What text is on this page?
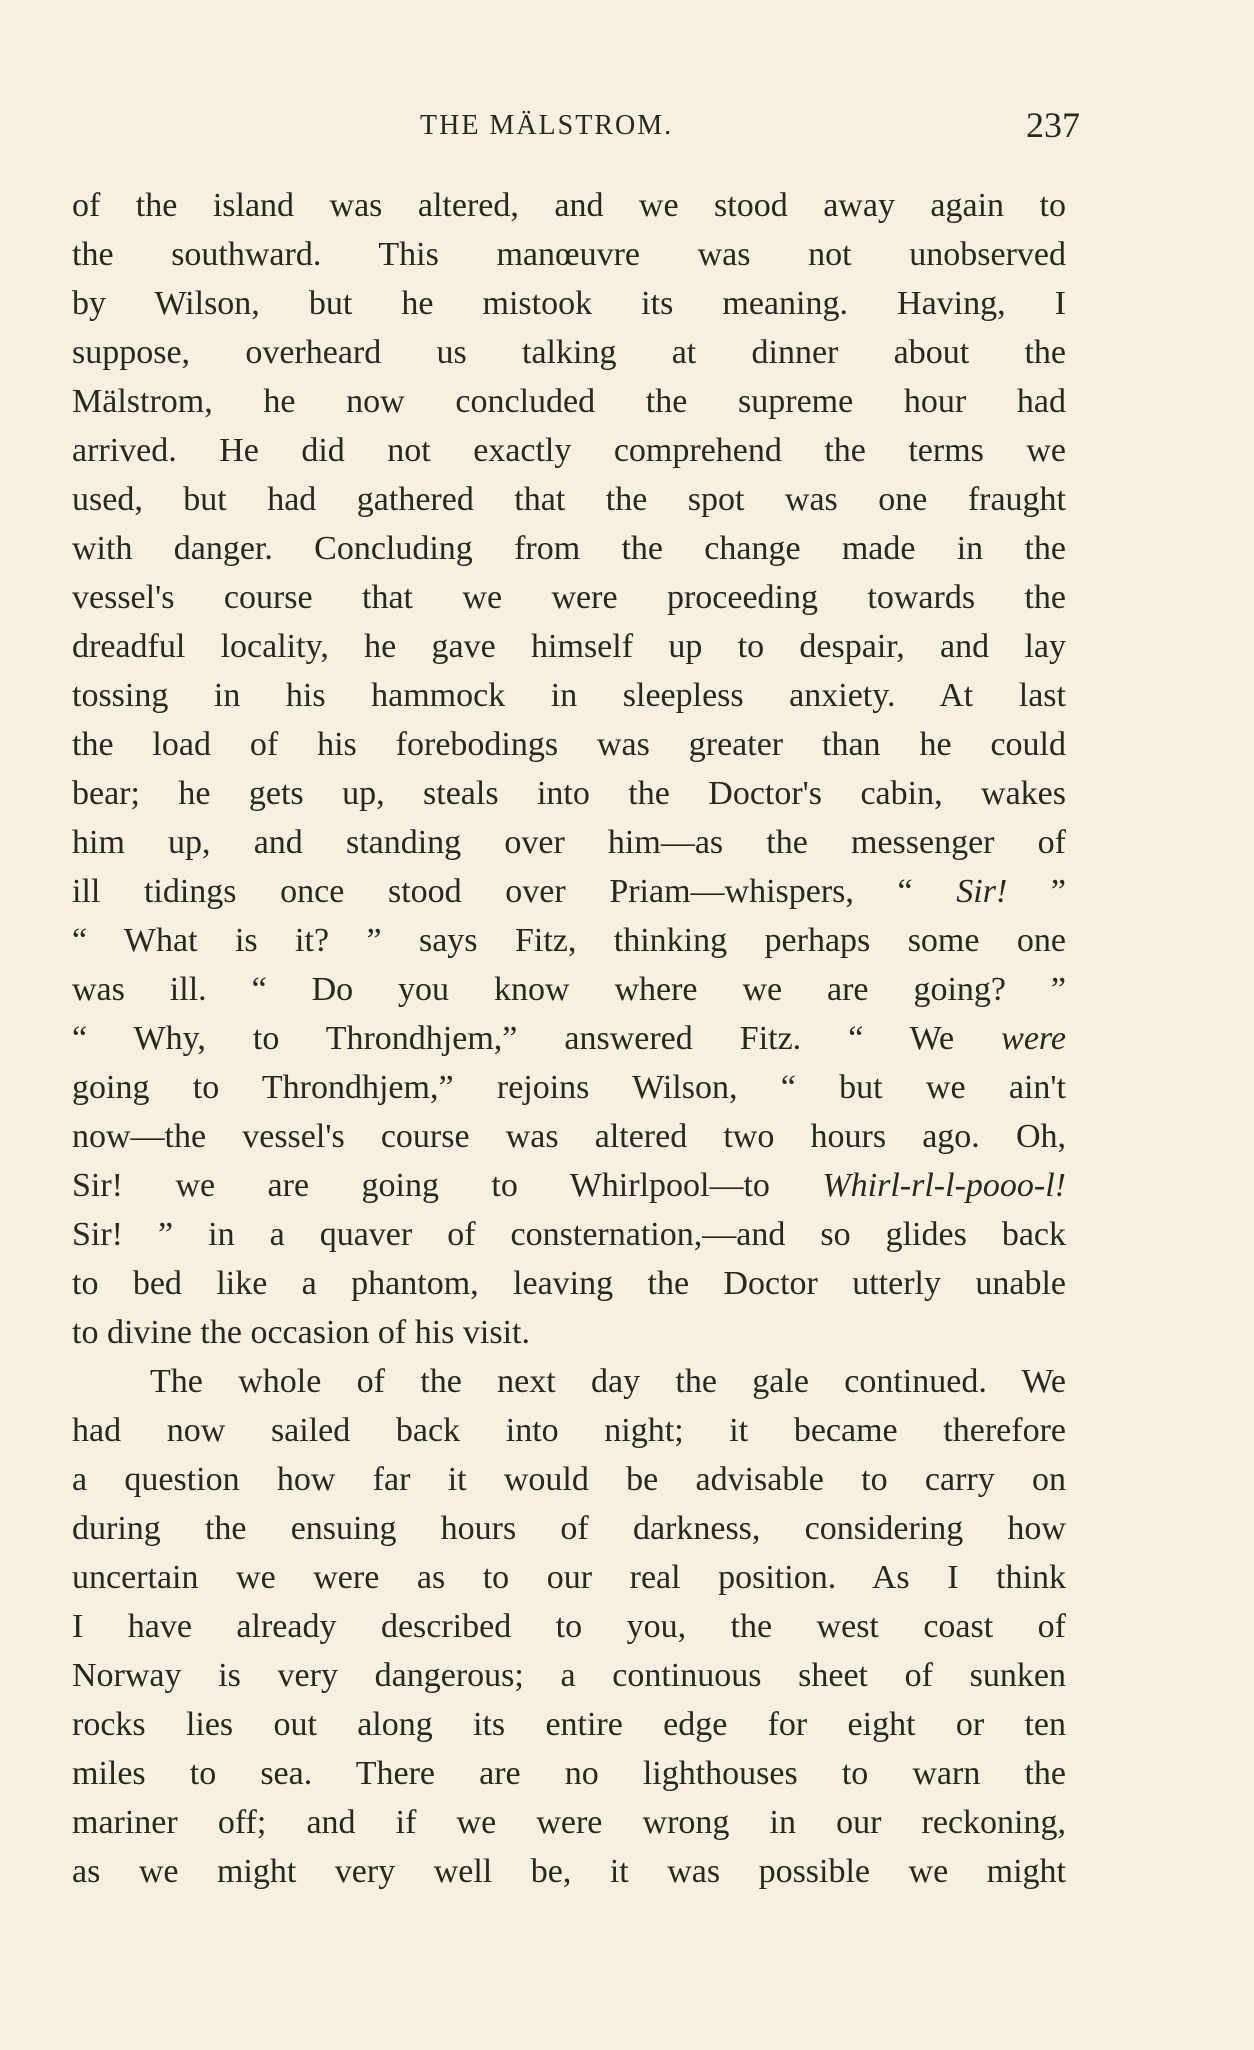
THE MÄLSTROM.	237
of the island was altered, and we stood away again to
the southward. This manœuvre was not unobserved
by Wilson, but he mistook its meaning. Having, I
suppose, overheard us talking at dinner about the
Mälstrom, he now concluded the supreme hour had
arrived. He did not exactly comprehend the terms we
used, but had gathered that the spot was one fraught
with danger. Concluding from the change made in the
vessel's course that we were proceeding towards the
dreadful locality, he gave himself up to despair, and lay
tossing in his hammock in sleepless anxiety. At last
the load of his forebodings was greater than he could
bear; he gets up, steals into the Doctor's cabin, wakes
him up, and standing over him—as the messenger of
ill tidings once stood over Priam—whispers, “ Sir! ”
“ What is it? ” says Fitz, thinking perhaps some one
was ill. “ Do you know where we are going? ”
“ Why, to Throndhjem,” answered Fitz. “ We were
going to Throndhjem,” rejoins Wilson, “ but we ain't
now—the vessel's course was altered two hours ago. Oh,
Sir! we are going to Whirlpool—to Whirl-rl-l-pooo-l!
Sir! ” in a quaver of consternation,—and so glides back
to bed like a phantom, leaving the Doctor utterly unable
to divine the occasion of his visit.
The whole of the next day the gale continued. We
had now sailed back into night; it became therefore
a question how far it would be advisable to carry on
during the ensuing hours of darkness, considering how
uncertain we were as to our real position. As I think
I have already described to you, the west coast of
Norway is very dangerous; a continuous sheet of sunken
rocks lies out along its entire edge for eight or ten
miles to sea. There are no lighthouses to warn the
mariner off; and if we were wrong in our reckoning,
as we might very well be, it was possible we might
